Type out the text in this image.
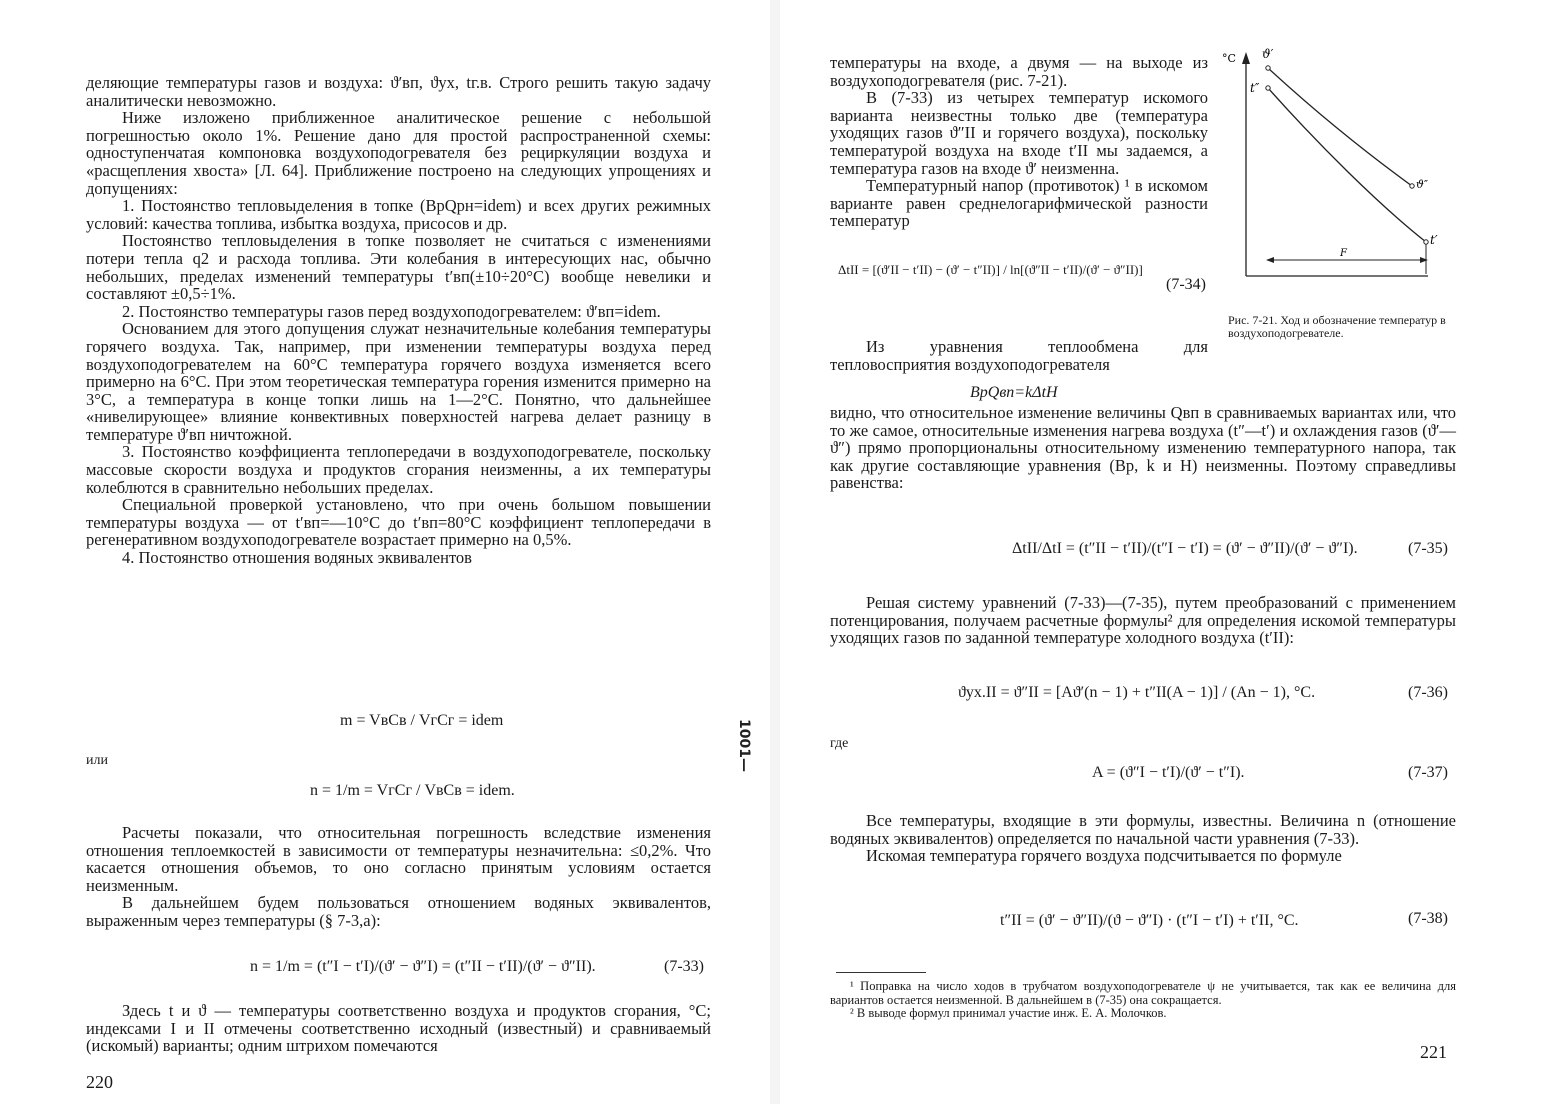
деляющие температуры газов и воздуха: ϑ′вп, ϑух, tг.в. Строго решить такую задачу аналитически невозможно.

Ниже изложено приближенное аналитическое решение с небольшой погрешностью около 1%. Решение дано для простой распространенной схемы: одноступенчатая компоновка воздухоподогревателя без рециркуляции воздуха и «расщепления хвоста» [Л. 64]. Приближение построено на следующих упрощениях и допущениях:

1. Постоянство тепловыделения в топке (BрQрн=idem) и всех других режимных условий: качества топлива, избытка воздуха, присосов и др.

Постоянство тепловыделения в топке позволяет не считаться с изменениями потери тепла q2 и расхода топлива. Эти колебания в интересующих нас, обычно небольших, пределах изменений температуры t′вп(±10÷20°С) вообще невелики и составляют ±0,5÷1%.

2. Постоянство температуры газов перед воздухоподогревателем: ϑ′вп=idem.

Основанием для этого допущения служат незначительные колебания температуры горячего воздуха. Так, например, при изменении температуры воздуха перед воздухоподогревателем на 60°С температура горячего воздуха изменяется всего примерно на 6°С. При этом теоретическая температура горения изменится примерно на 3°С, а температура в конце топки лишь на 1—2°С. Понятно, что дальнейшее «нивелирующее» влияние конвективных поверхностей нагрева делает разницу в температуре ϑ′вп ничтожной.

3. Постоянство коэффициента теплопередачи в воздухоподогревателе, поскольку массовые скорости воздуха и продуктов сгорания неизменны, а их температуры колеблются в сравнительно небольших пределах.

Специальной проверкой установлено, что при очень большом повышении температуры воздуха — от t′вп=—10°С до t′вп=80°С коэффициент теплопередачи в регенеративном воздухоподогревателе возрастает примерно на 0,5%.

4. Постоянство отношения водяных эквивалентов

m = VвCв / VгCг = idem
или
n = 1/m = VгCг / VвCв = idem.

Расчеты показали, что относительная погрешность вследствие изменения отношения теплоемкостей в зависимости от температуры незначительна: ≤0,2%. Что касается отношения объемов, то оно согласно принятым условиям остается неизменным.

В дальнейшем будем пользоваться отношением водяных эквивалентов, выраженным через температуры (§ 7-3,а):

n = 1/m = (t″I − t′I)/(ϑ′ − ϑ″I) = (t″II − t′II)/(ϑ′ − ϑ″II).	(7-33)

Здесь t и ϑ — температуры соответственно воздуха и продуктов сгорания, °С; индексами I и II отмечены соответственно исходный (известный) и сравниваемый (искомый) варианты; одним штрихом помечаются

220
1001—

температуры на входе, а двумя — на выходе из воздухоподогревателя (рис. 7-21).

В (7-33) из четырех температур искомого варианта неизвестны только две (температура уходящих газов ϑ″II и горячего воздуха), поскольку температурой воздуха на входе t′II мы задаемся, а температура газов на входе ϑ′ неизменна.

Температурный напор (противоток) ¹ в искомом варианте равен среднелогарифмической разности температур

ΔtII = [(ϑ′II − t′II) − (ϑ′ − t″II)] / ln[(ϑ″II − t′II)/(ϑ′ − ϑ″II)]
(7-34)

Из уравнения теплообмена для тепловосприятия воздухоподогревателя

BрQвп=kΔtH
°C ϑ′
t″
ϑ″
t′
F
Рис. 7-21. Ход и обозначение температур в воздухоподогревателе.

видно, что относительное изменение величины Qвп в сравниваемых вариантах или, что то же самое, относительные изменения нагрева воздуха (t″—t′) и охлаждения газов (ϑ′—ϑ″) прямо пропорциональны относительному изменению температурного напора, так как другие составляющие уравнения (Bр, k и H) неизменны. Поэтому справедливы равенства:

ΔtII/ΔtI = (t″II − t′II)/(t″I − t′I) = (ϑ′ − ϑ″II)/(ϑ′ − ϑ″I).	(7-35)

Решая систему уравнений (7-33)—(7-35), путем преобразований с применением потенцирования, получаем расчетные формулы² для определения искомой температуры уходящих газов по заданной температуре холодного воздуха (t′II):

ϑух.II = ϑ″II = [Aϑ′(n − 1) + t″II(A − 1)] / (An − 1), °С.	(7-36)
где
A = (ϑ″I − t′I)/(ϑ′ − t″I).	(7-37)

Все температуры, входящие в эти формулы, известны. Величина n (отношение водяных эквивалентов) определяется по начальной части уравнения (7-33).

Искомая температура горячего воздуха подсчитывается по формуле

t″II = (ϑ′ − ϑ″II)/(ϑ − ϑ″I) · (t″I − t′I) + t′II, °С.	(7-38)

¹ Поправка на число ходов в трубчатом воздухоподогревателе ψ не учитывается, так как ее величина для вариантов остается неизменной. В дальнейшем в (7-35) она сокращается.

² В выводе формул принимал участие инж. Е. А. Молочков.

221
